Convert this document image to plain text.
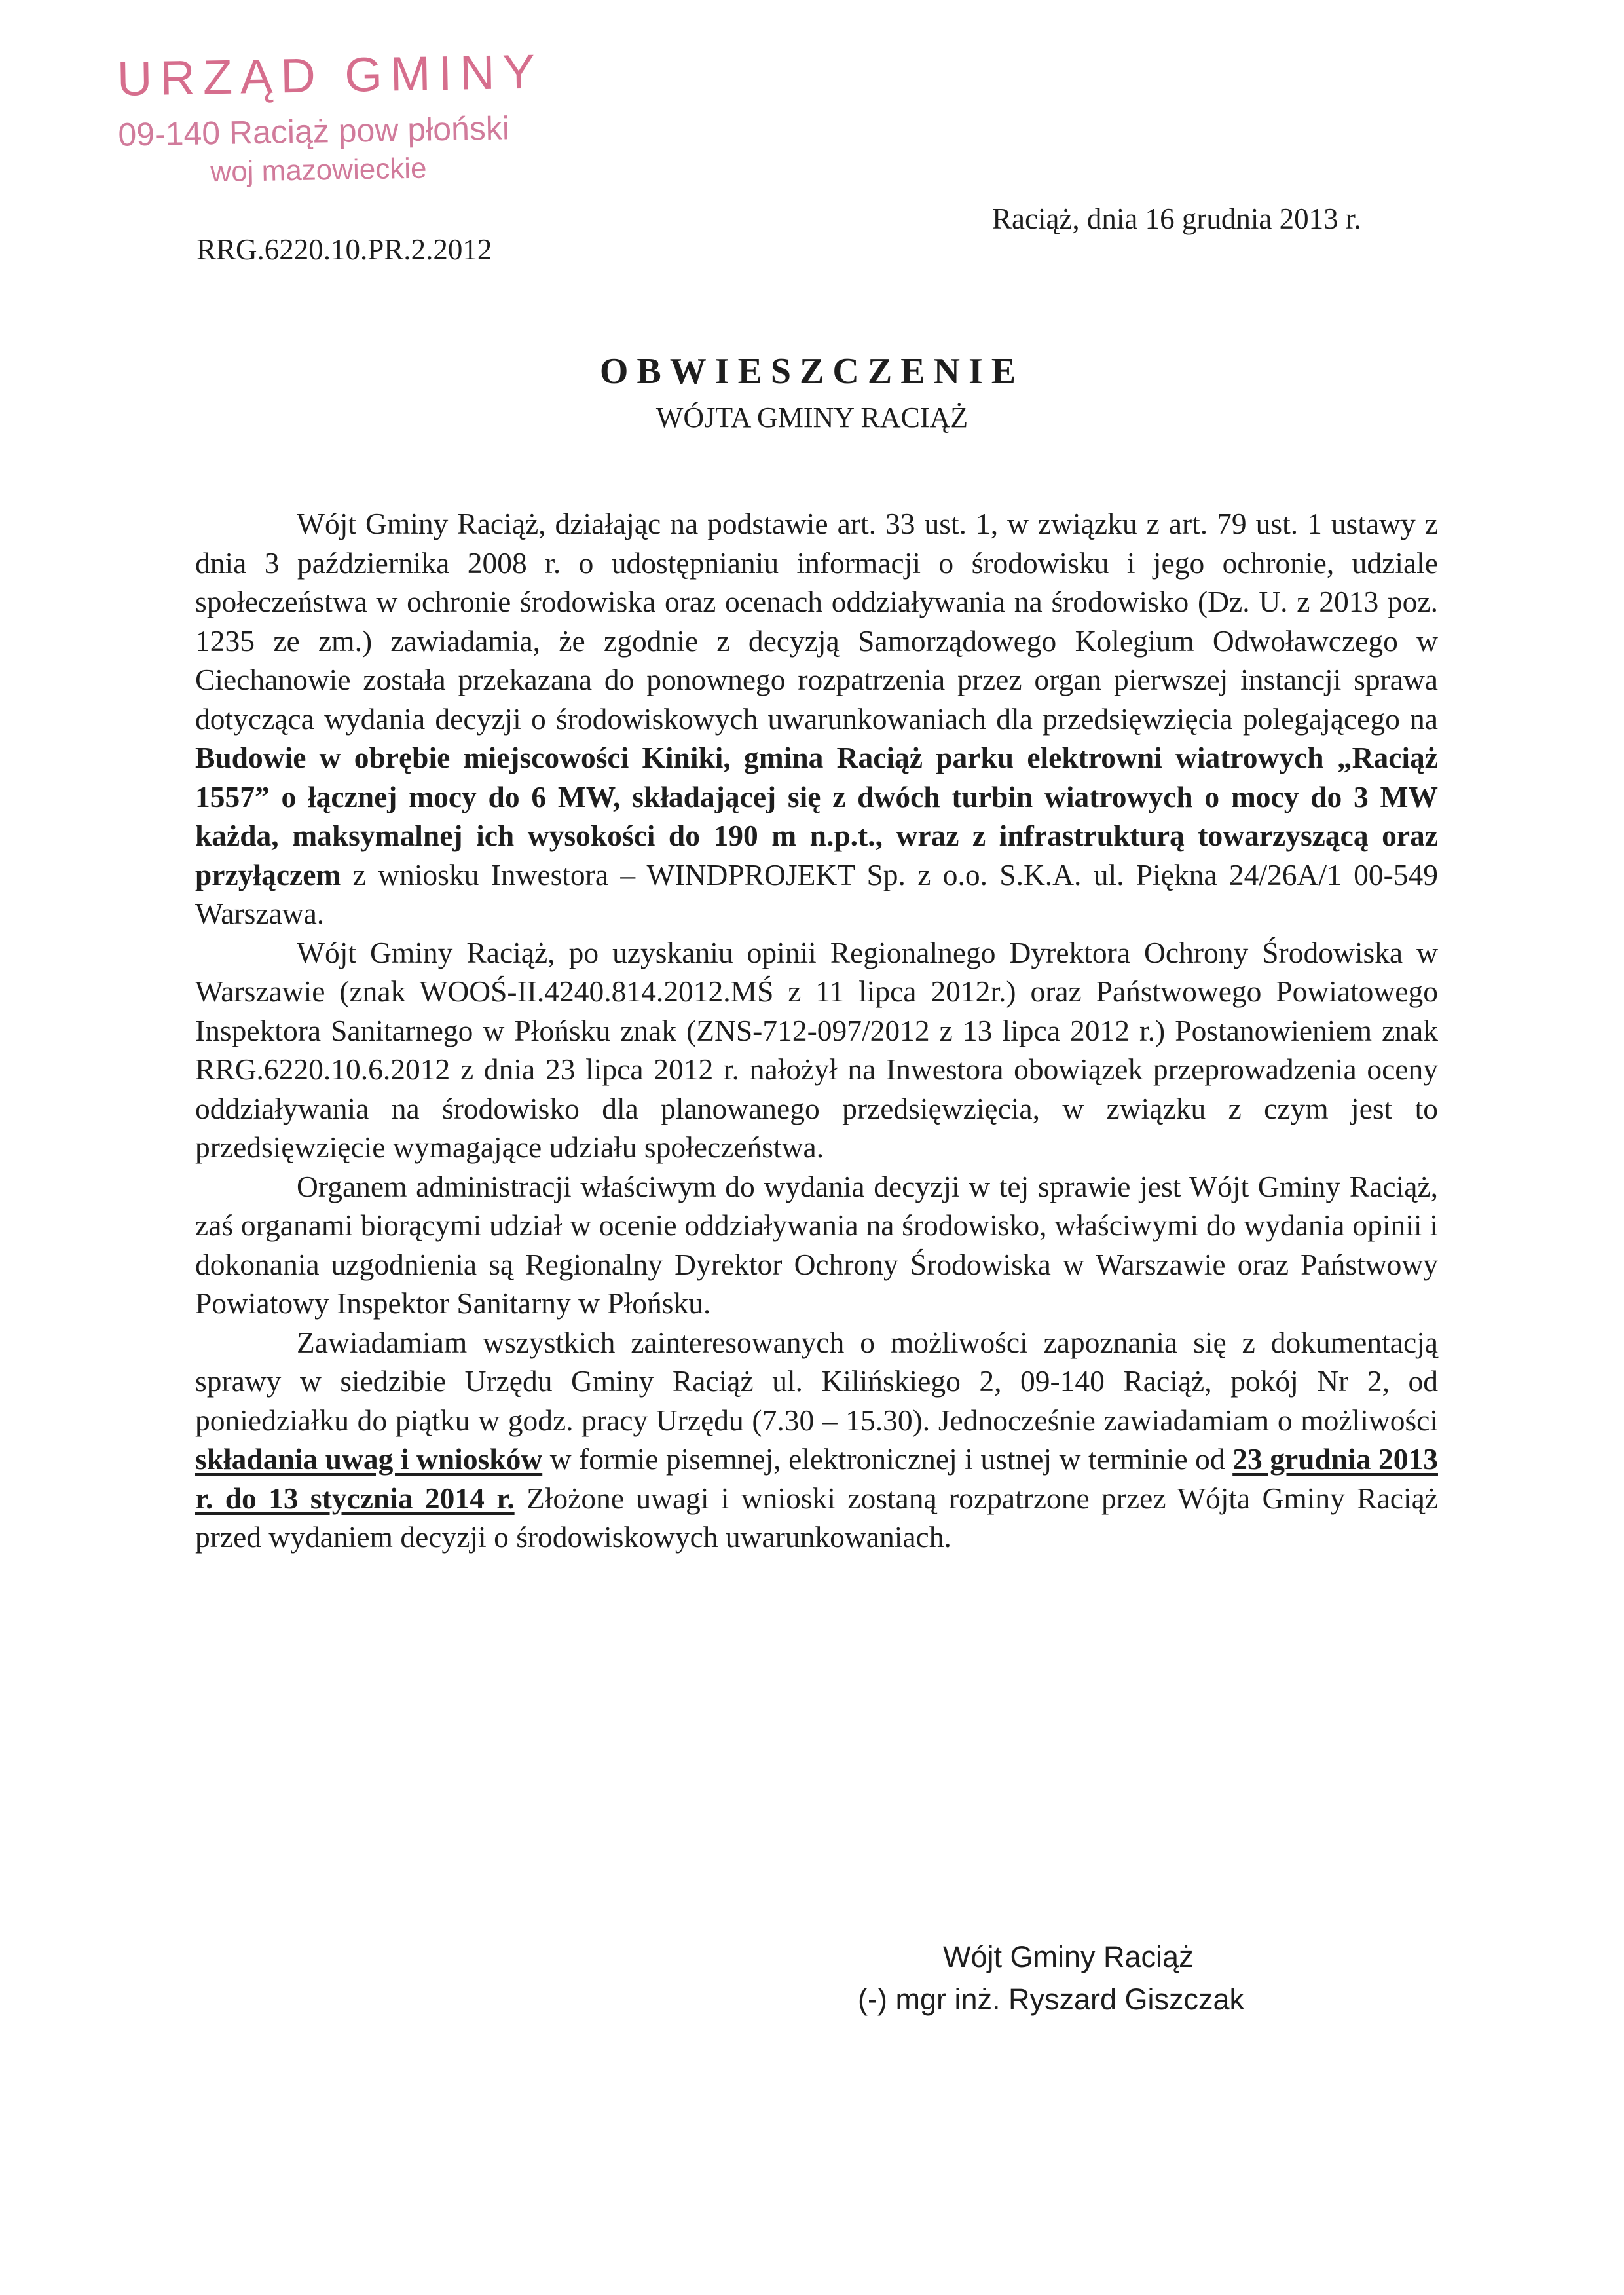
URZĄD GMINY
09-140 Raciąż pow płoński
woj mazowieckie
RRG.6220.10.PR.2.2012
Raciąż, dnia 16 grudnia 2013 r.
OBWIESZCZENIE
WÓJTA GMINY RACIĄŻ

Wójt Gminy Raciąż, działając na podstawie art. 33 ust. 1, w związku z art. 79 ust. 1 ustawy z dnia 3 października 2008 r. o udostępnianiu informacji o środowisku i jego ochronie, udziale społeczeństwa w ochronie środowiska oraz ocenach oddziaływania na środowisko (Dz. U. z 2013 poz. 1235 ze zm.) zawiadamia, że zgodnie z decyzją Samorządowego Kolegium Odwoławczego w Ciechanowie została przekazana do ponownego rozpatrzenia przez organ pierwszej instancji sprawa dotycząca wydania decyzji o środowiskowych uwarunkowaniach dla przedsięwzięcia polegającego na Budowie w obrębie miejscowości Kiniki, gmina Raciąż parku elektrowni wiatrowych „Raciąż 1557” o łącznej mocy do 6 MW, składającej się z dwóch turbin wiatrowych o mocy do 3 MW każda, maksymalnej ich wysokości do 190 m n.p.t., wraz z infrastrukturą towarzyszącą oraz przyłączem z wniosku Inwestora – WINDPROJEKT Sp. z o.o. S.K.A. ul. Piękna 24/26A/1 00-549 Warszawa.

Wójt Gminy Raciąż, po uzyskaniu opinii Regionalnego Dyrektora Ochrony Środowiska w Warszawie (znak WOOŚ-II.4240.814.2012.MŚ z 11 lipca 2012r.) oraz Państwowego Powiatowego Inspektora Sanitarnego w Płońsku znak (ZNS-712-097/2012 z 13 lipca 2012 r.) Postanowieniem znak RRG.6220.10.6.2012 z dnia 23 lipca 2012 r. nałożył na Inwestora obowiązek przeprowadzenia oceny oddziaływania na środowisko dla planowanego przedsięwzięcia, w związku z czym jest to przedsięwzięcie wymagające udziału społeczeństwa.

Organem administracji właściwym do wydania decyzji w tej sprawie jest Wójt Gminy Raciąż, zaś organami biorącymi udział w ocenie oddziaływania na środowisko, właściwymi do wydania opinii i dokonania uzgodnienia są Regionalny Dyrektor Ochrony Środowiska w Warszawie oraz Państwowy Powiatowy Inspektor Sanitarny w Płońsku.

Zawiadamiam wszystkich zainteresowanych o możliwości zapoznania się z dokumentacją sprawy w siedzibie Urzędu Gminy Raciąż ul. Kilińskiego 2, 09-140 Raciąż, pokój Nr 2, od poniedziałku do piątku w godz. pracy Urzędu (7.30 – 15.30). Jednocześnie zawiadamiam o możliwości składania uwag i wniosków w formie pisemnej, elektronicznej i ustnej w terminie od 23 grudnia 2013 r. do 13 stycznia 2014 r. Złożone uwagi i wnioski zostaną rozpatrzone przez Wójta Gminy Raciąż przed wydaniem decyzji o środowiskowych uwarunkowaniach.

Wójt Gminy Raciąż
(-) mgr inż. Ryszard Giszczak
